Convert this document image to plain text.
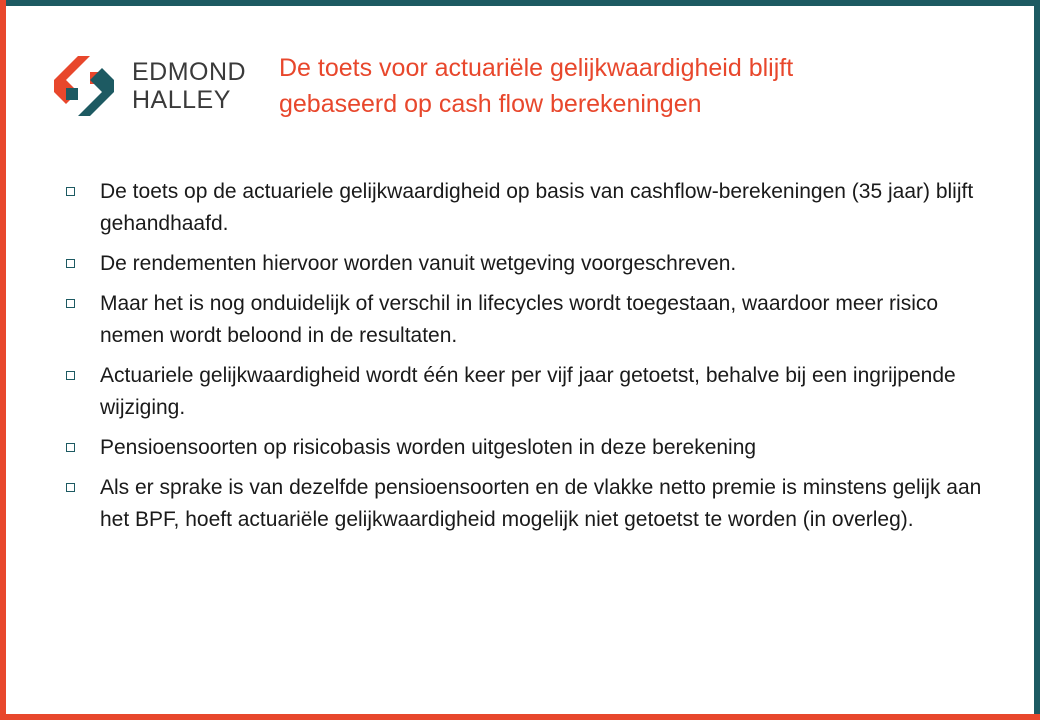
EDMOND
HALLEY
De toets voor actuariële gelijkwaardigheid blijft
gebaseerd op cash flow berekeningen
De toets op de actuariele gelijkwaardigheid op basis van cashflow-berekeningen (35 jaar) blijft gehandhaafd.
De rendementen hiervoor worden vanuit wetgeving voorgeschreven.
Maar het is nog onduidelijk of verschil in lifecycles wordt toegestaan, waardoor meer risico nemen wordt beloond in de resultaten.
Actuariele gelijkwaardigheid wordt één keer per vijf jaar getoetst, behalve bij een ingrijpende wijziging.
Pensioensoorten op risicobasis worden uitgesloten in deze berekening
Als er sprake is van dezelfde pensioensoorten en de vlakke netto premie is minstens gelijk aan het BPF, hoeft actuariële gelijkwaardigheid mogelijk niet getoetst te worden (in overleg).
